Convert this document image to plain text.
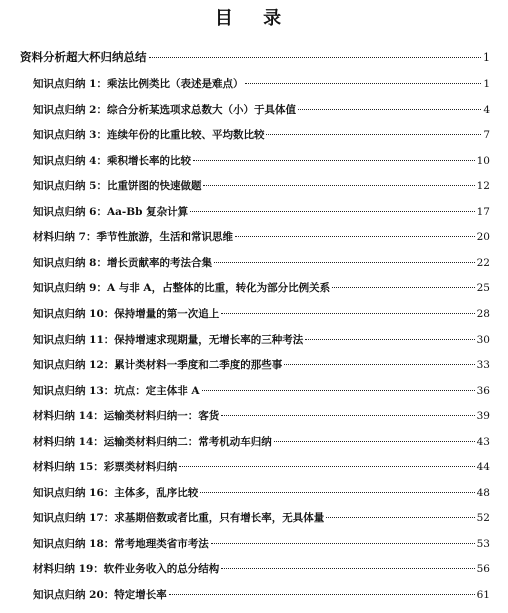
目 录
资料分析超大杯归纳总结	1
知识点归纳 1：乘法比例类比（表述是难点）	1
知识点归纳 2：综合分析某选项求总数大（小）于具体值	4
知识点归纳 3：连续年份的比重比较、平均数比较	7
知识点归纳 4：乘积增长率的比较	10
知识点归纳 5：比重饼图的快速做题	12
知识点归纳 6：Aa-Bb 复杂计算	17
材料归纳 7：季节性旅游，生活和常识思维	20
知识点归纳 8：增长贡献率的考法合集	22
知识点归纳 9：A 与非 A，占整体的比重，转化为部分比例关系	25
知识点归纳 10：保持增量的第一次追上	28
知识点归纳 11：保持增速求现期量，无增长率的三种考法	30
知识点归纳 12：累计类材料一季度和二季度的那些事	33
知识点归纳 13：坑点：定主体非 A	36
材料归纳 14：运输类材料归纳一：客货	39
材料归纳 14：运输类材料归纳二：常考机动车归纳	43
材料归纳 15：彩票类材料归纳	44
知识点归纳 16：主体多，乱序比较	48
知识点归纳 17：求基期倍数或者比重，只有增长率，无具体量	52
知识点归纳 18：常考地理类省市考法	53
材料归纳 19：软件业务收入的总分结构	56
知识点归纳 20：特定增长率	61
